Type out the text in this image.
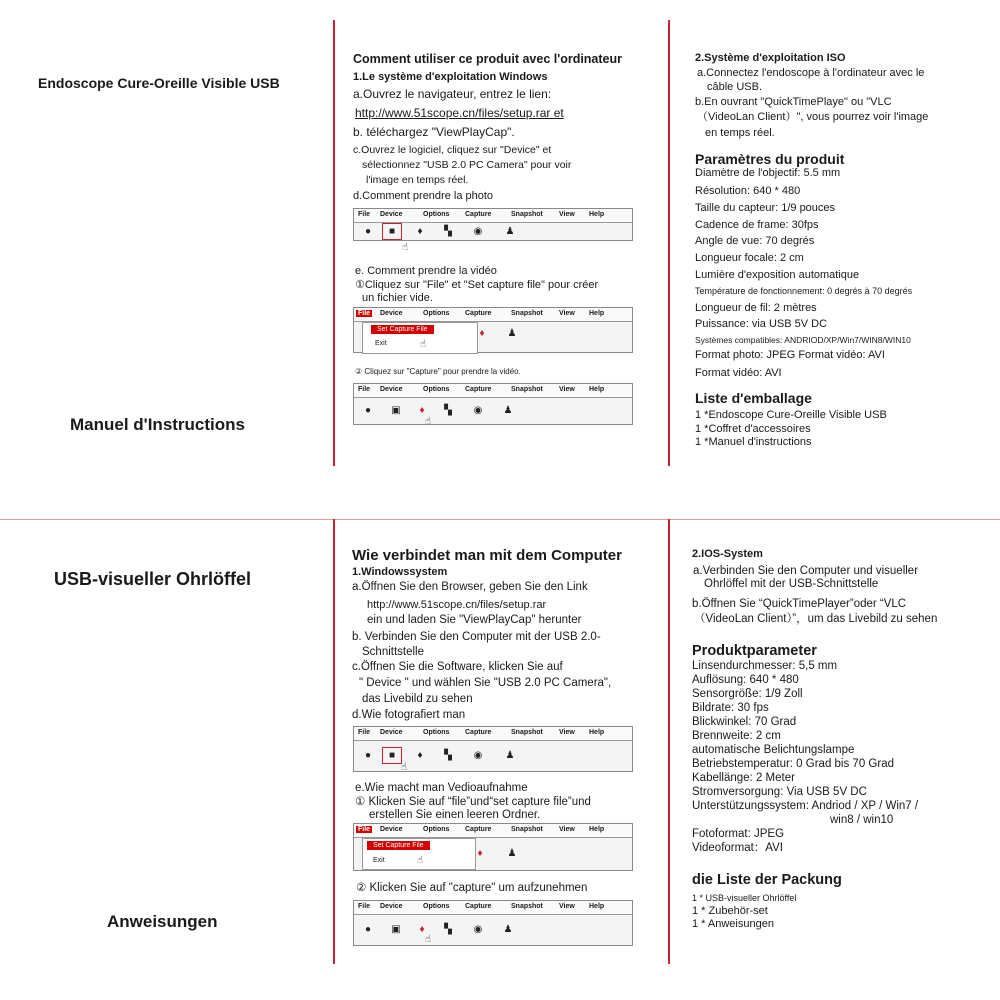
Endoscope Cure-Oreille Visible USB
Manuel d'Instructions
Comment utiliser ce produit avec l'ordinateur
1.Le système d'exploitation Windows
a.Ouvrez le navigateur, entrez le lien:
http://www.51scope.cn/files/setup.rar et
b. téléchargez "ViewPlayCap".
c.Ouvrez le logiciel, cliquez sur "Device" et
sélectionnez "USB 2.0 PC Camera" pour voir
l'image en temps réel.
d.Comment prendre la photo
File Device	Options Capture	Snapshot View Help
●	■	♦	▚ ◉ ♟
☝
e. Comment prendre la vidéo
①Cliquez sur "File" et "Set capture file" pour créer
un fichier vide.
File Device	Options Capture	Snapshot View Help
♦	♟
Set Capture File
Exit	☝
② Cliquez sur "Capture" pour prendre la vidéo.
File Device	Options Capture	Snapshot View Help
● ▣	♦	▚ ◉ ♟
☝
2.Système d'exploitation ISO
a.Connectez l'endoscope à l'ordinateur avec le
câble USB.
b.En ouvrant "QuickTimePlaye" ou "VLC
（VideoLan Client）", vous pourrez voir l'image
en temps réel.
Paramètres du produit
Diamètre de l'objectif: 5.5 mm
Résolution: 640 * 480
Taille du capteur: 1/9 pouces
Cadence de frame: 30fps
Angle de vue: 70 degrés
Longueur focale: 2 cm
Lumière d'exposition automatique
Température de fonctionnement: 0 degrés à 70 degrés
Longueur de fil: 2 mètres
Puissance: via USB 5V DC
Systèmes compatibles: ANDRIOD/XP/Win7/WIN8/WIN10
Format photo: JPEG Format vidéo: AVI
Format vidéo: AVI
Liste d'emballage
1 *Endoscope Cure-Oreille Visible USB
1 *Coffret d'accessoires
1 *Manuel d'instructions
USB-visueller Ohrlöffel
Anweisungen
Wie verbindet man mit dem Computer
1.Windowssystem
a.Öffnen Sie den Browser, geben Sie den Link
http://www.51scope.cn/files/setup.rar
ein und laden Sie "ViewPlayCap" herunter
b. Verbinden Sie den Computer mit der USB 2.0-
Schnittstelle
c.Öffnen Sie die Software, klicken Sie auf
" Device " und wählen Sie "USB 2.0 PC Camera",
das Livebild zu sehen
d.Wie fotografiert man
File Device	Options Capture	Snapshot View Help
●	■	♦	▚ ◉ ♟
☝
e.Wie macht man Vedioaufnahme
① Klicken Sie auf “file”und“set capture file”und
erstellen Sie einen leeren Ordner.
File Device	Options Capture	Snapshot View Help
♦	♟
Set Capture File
Exit	☝
② Klicken Sie auf "capture" um aufzunehmen
File Device	Options Capture	Snapshot View Help
● ▣	♦	▚ ◉ ♟
☝
2.IOS-System
a.Verbinden Sie den Computer und visueller
Ohrlöffel mit der USB-Schnittstelle
b.Öffnen Sie “QuickTimePlayer”oder “VLC
（VideoLan Client）”，um das Livebild zu sehen
Produktparameter
Linsendurchmesser: 5,5 mm
Auflösung: 640 * 480
Sensorgröße: 1/9 Zoll
Bildrate: 30 fps
Blickwinkel: 70 Grad
Brennweite: 2 cm
automatische Belichtungslampe
Betriebstemperatur: 0 Grad bis 70 Grad
Kabellänge: 2 Meter
Stromversorgung: Via USB 5V DC
Unterstützungssystem: Andriod / XP / Win7 /
win8 / win10
Fotoformat: JPEG
Videoformat：AVI
die Liste der Packung
1 * USB-visueller Ohrlöffel
1 * Zubehör-set
1 * Anweisungen
